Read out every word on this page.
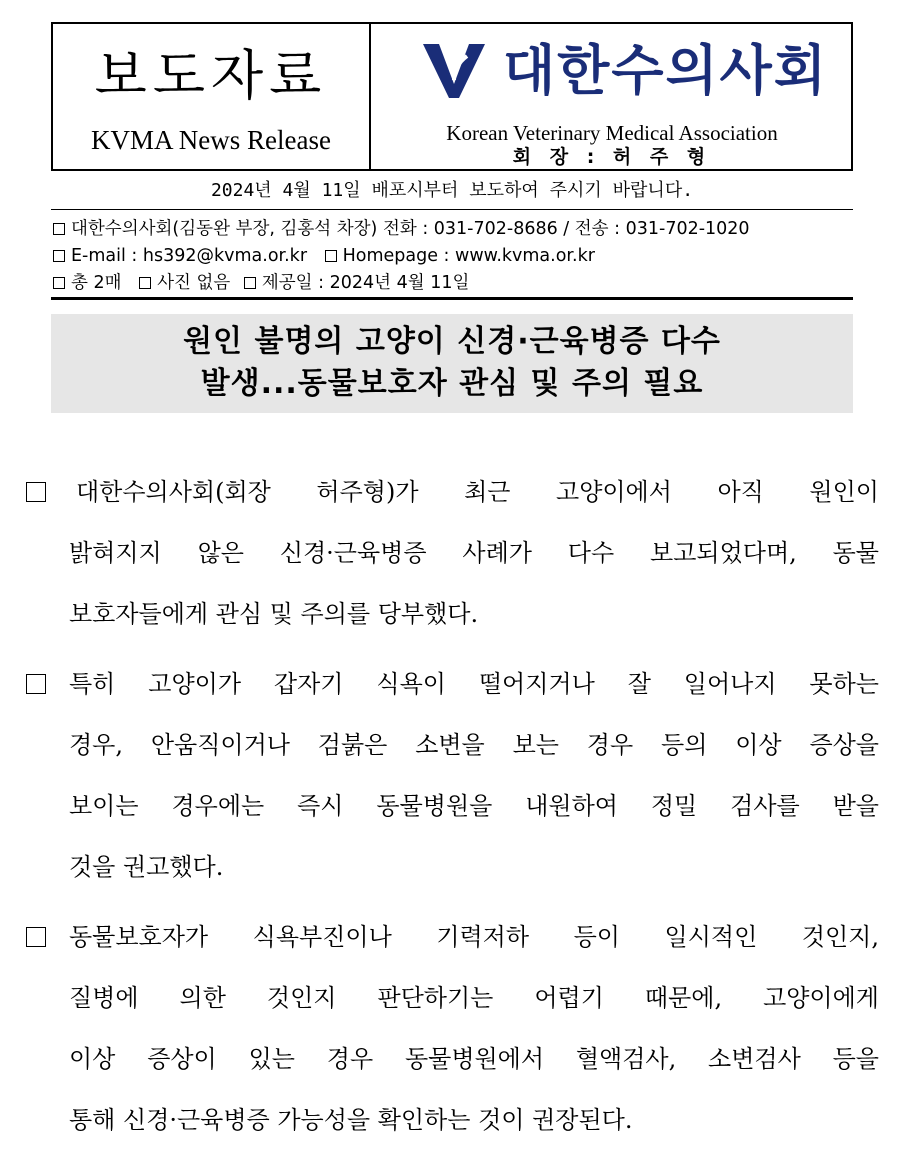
보도자료
KVMA News Release
대한수의사회
Korean Veterinary Medical Association
회 장 : 허 주 형
2024년 4월 11일 배포시부터 보도하여 주시기 바랍니다.
대한수의사회(김동완 부장, 김홍석 차장) 전화 : 031-702-8686 / 전송 : 031-702-1020
E-mail : hs392@kvma.or.kr Homepage : www.kvma.or.kr
총 2매 사진 없음 제공일 : 2024년 4월 11일
원인 불명의 고양이 신경·근육병증 다수
발생...동물보호자 관심 및 주의 필요
대한수의사회(회장 허주형)가 최근 고양이에서 아직 원인이
밝혀지지 않은 신경·근육병증 사례가 다수 보고되었다며, 동물
보호자들에게 관심 및 주의를 당부했다.
특히 고양이가 갑자기 식욕이 떨어지거나 잘 일어나지 못하는
경우, 안움직이거나 검붉은 소변을 보는 경우 등의 이상 증상을
보이는 경우에는 즉시 동물병원을 내원하여 정밀 검사를 받을
것을 권고했다.
동물보호자가 식욕부진이나 기력저하 등이 일시적인 것인지,
질병에 의한 것인지 판단하기는 어렵기 때문에, 고양이에게
이상 증상이 있는 경우 동물병원에서 혈액검사, 소변검사 등을
통해 신경·근육병증 가능성을 확인하는 것이 권장된다.
